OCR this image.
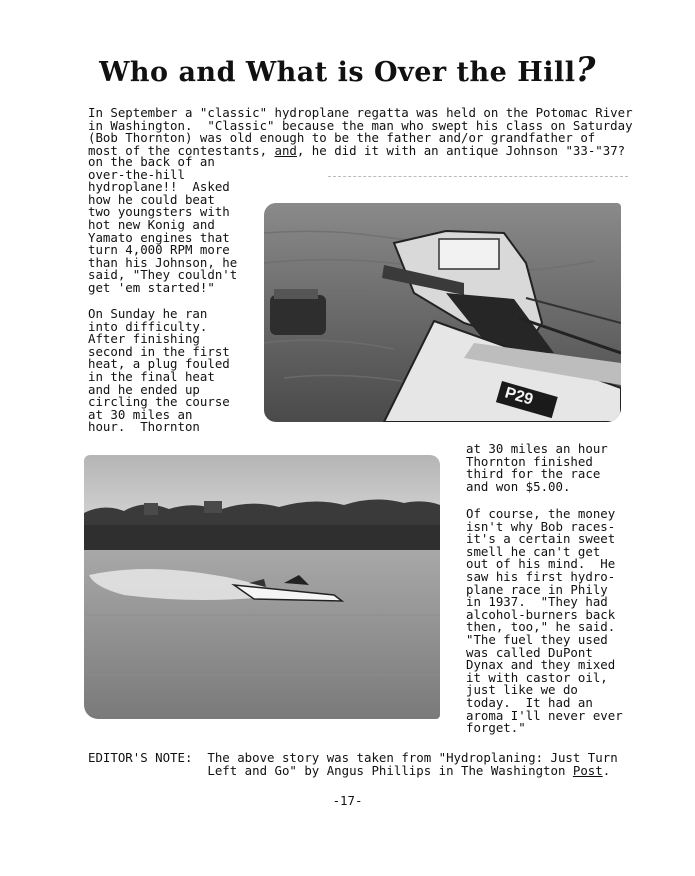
Who and What is Over the Hill?
In September a "classic" hydroplane regatta was held on the Potomac River
in Washington.  "Classic" because the man who swept his class on Saturday
(Bob Thornton) was old enough to be the father and/or grandfather of
most of the contestants, and, he did it with an antique Johnson "33-"37?
on the back of an
over-the-hill
hydroplane!!  Asked
how he could beat
two youngsters with
hot new Konig and
Yamato engines that
turn 4,000 RPM more
than his Johnson, he
said, "They couldn't
get 'em started!"
On Sunday he ran
into difficulty.
After finishing
second in the first
heat, a plug fouled
in the final heat
and he ended up
circling the course
at 30 miles an
hour.  Thornton
P29
at 30 miles an hour
Thornton finished
third for the race
and won $5.00.
Of course, the money
isn't why Bob races-
it's a certain sweet
smell he can't get
out of his mind.  He
saw his first hydro-
plane race in Phily
in 1937.  "They had
alcohol-burners back
then, too," he said.
"The fuel they used
was called DuPont
Dynax and they mixed
it with castor oil,
just like we do
today.  It had an
aroma I'll never ever
forget."
EDITOR'S NOTE: The above story was taken from "Hydroplaning: Just Turn
Left and Go" by Angus Phillips in The Washington Post.
-17-
